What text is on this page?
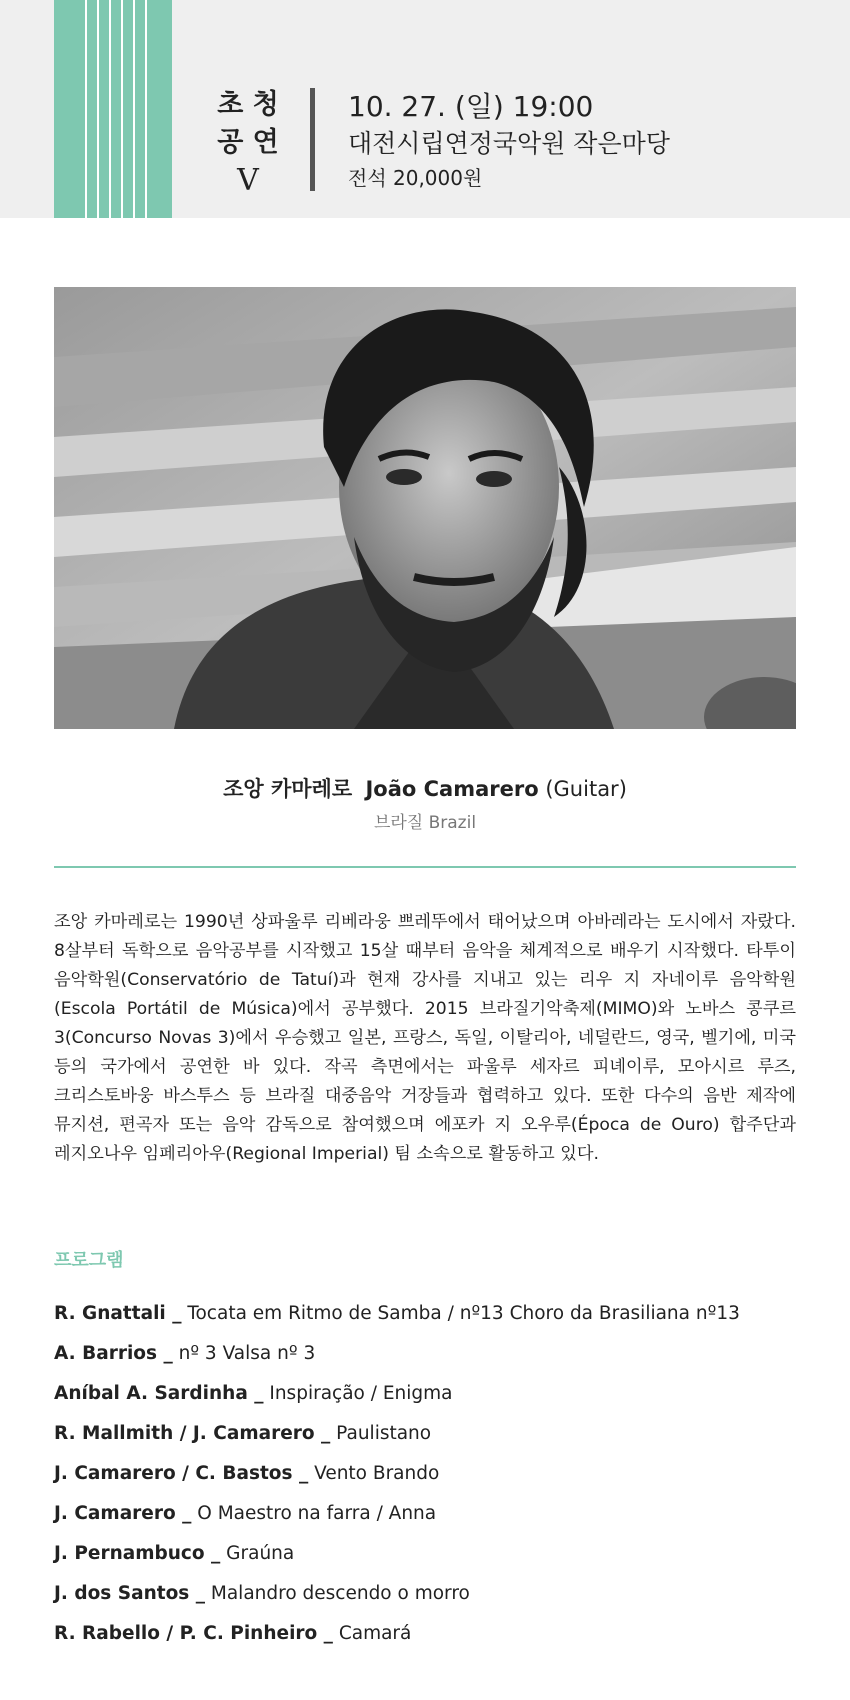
초 청
공 연
V
10. 27. (일) 19:00
대전시립연정국악원 작은마당
전석 20,000원
조앙 카마레로 João Camarero (Guitar)
브라질 Brazil
조앙 카마레로는 1990년 상파울루 리베라웅 쁘레뚜에서 태어났으며 아바레라는 도시에서 자랐다. 8살부터 독학으로 음악공부를 시작했고 15살 때부터 음악을 체계적으로 배우기 시작했다. 타투이 음악학원(Conservatório de Tatuí)과 현재 강사를 지내고 있는 리우 지 자네이루 음악학원(Escola Portátil de Música)에서 공부했다. 2015 브라질기악축제(MIMO)와 노바스 콩쿠르 3(Concurso Novas 3)에서 우승했고 일본, 프랑스, 독일, 이탈리아, 네덜란드, 영국, 벨기에, 미국 등의 국가에서 공연한 바 있다. 작곡 측면에서는 파울루 세자르 피녜이루, 모아시르 루즈, 크리스토바웅 바스투스 등 브라질 대중음악 거장들과 협력하고 있다. 또한 다수의 음반 제작에 뮤지션, 편곡자 또는 음악 감독으로 참여했으며 에포카 지 오우루(Época de Ouro) 합주단과 레지오나우 임페리아우(Regional Imperial) 팀 소속으로 활동하고 있다.
프로그램
R. Gnattali _ Tocata em Ritmo de Samba / nº13 Choro da Brasiliana nº13
A. Barrios _ nº 3 Valsa nº 3
Aníbal A. Sardinha _ Inspiração / Enigma
R. Mallmith / J. Camarero _ Paulistano
J. Camarero / C. Bastos _ Vento Brando
J. Camarero _ O Maestro na farra / Anna
J. Pernambuco _ Graúna
J. dos Santos _ Malandro descendo o morro
R. Rabello / P. C. Pinheiro _ Camará
